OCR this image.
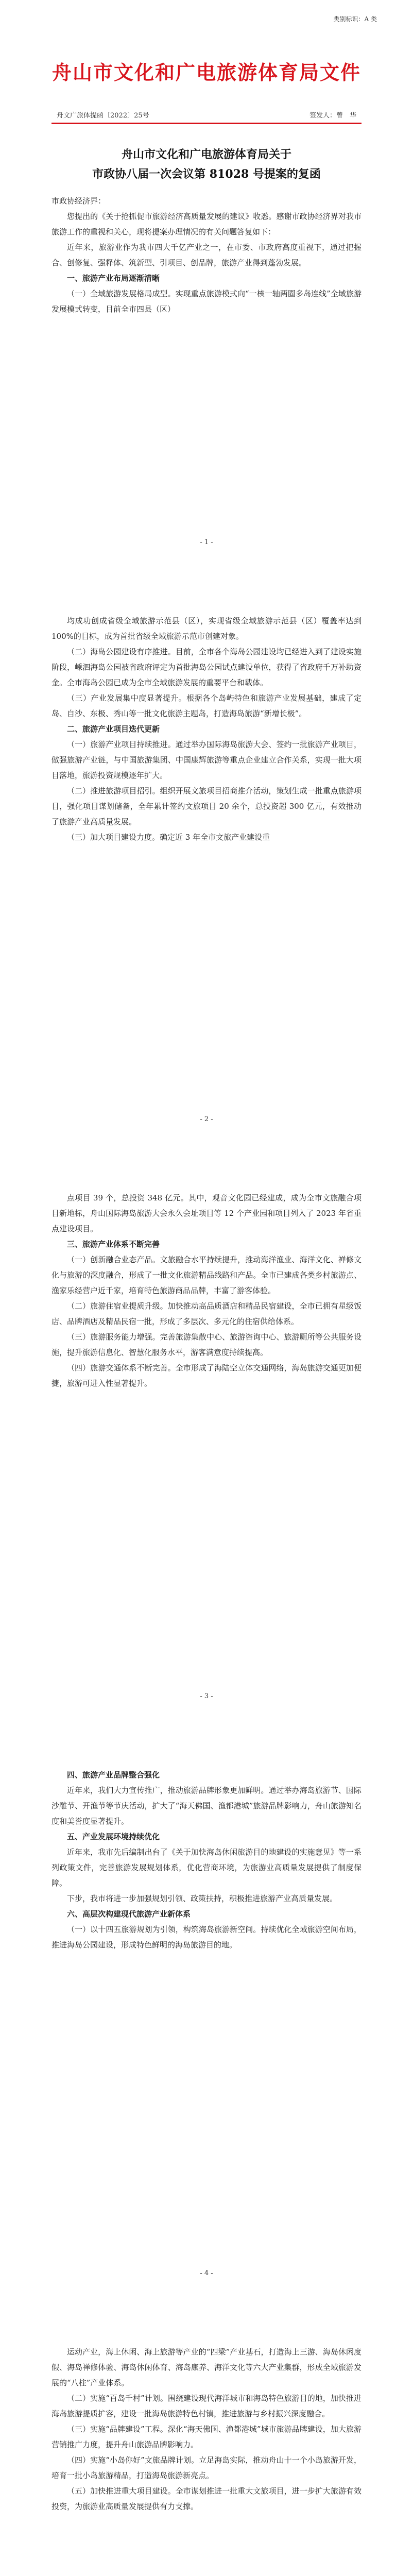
类别标识：A 类
舟山市文化和广电旅游体育局文件
舟文广旅体提函〔2022〕25号	签发人：曾　华
舟山市文化和广电旅游体育局关于
市政协八届一次会议第 81028 号提案的复函

市政协经济界：

您提出的《关于抢抓促市旅游经济高质量发展的建议》收悉。感谢市政协经济界对我市旅游工作的重视和关心，现将提案办理情况的有关问题答复如下：

近年来，旅游业作为我市四大千亿产业之一，在市委、市政府高度重视下，通过把握合、创修复、强释体、筑新型、引项目、创品牌，旅游产业得到蓬勃发展。

一、旅游产业布局逐渐清晰

（一）全域旅游发展格局成型。实现重点旅游模式向“一核一轴两圈多岛连线”全域旅游发展模式转变，目前全市四县（区）

- 1 -

均成功创成省级全域旅游示范县（区），实现省级全域旅游示范县（区）覆盖率达到 100%的目标，成为首批省级全域旅游示范市创建对象。

（二）海岛公园建设有序推进。目前，全市各个海岛公园建设均已经进入到了建设实施阶段，嵊泗海岛公园被省政府评定为首批海岛公园试点建设单位，获得了省政府千万补助资金。全市海岛公园已成为全市全域旅游发展的重要平台和载体。

（三）产业发展集中度显著提升。根据各个岛屿特色和旅游产业发展基础，建成了定岛、自沙、东极、秀山等一批文化旅游主题岛，打造海岛旅游“新增长极”。

二、旅游产业项目迭代更新

（一）旅游产业项目持续推进。通过举办国际海岛旅游大会、签约一批旅游产业项目，做强旅游产业链，与中国旅游集团、中国康辉旅游等重点企业建立合作关系，实现一批大项目落地，旅游投资规模逐年扩大。

（二）推进旅游项目招引。组织开展文旅项目招商推介活动，策划生成一批重点旅游项目，强化项目谋划储备，全年累计签约文旅项目 20 余个，总投资超 300 亿元，有效推动了旅游产业高质量发展。

（三）加大项目建设力度。确定近 3 年全市文旅产业建设重

- 2 -

点项目 39 个，总投资 348 亿元。其中，观音文化园已经建成，成为全市文旅融合项目新地标，舟山国际海岛旅游大会永久会址项目等 12 个产业园和项目列入了 2023 年省重点建设项目。

三、旅游产业体系不断完善

（一）创新融合业态产品。文旅融合水平持续提升，推动海洋渔业、海洋文化、禅修文化与旅游的深度融合，形成了一批文化旅游精品线路和产品。全市已建成各类乡村旅游点、渔家乐经营户近千家，培育特色旅游商品品牌，丰富了游客体验。

（二）旅游住宿业提质升级。加快推动高品质酒店和精品民宿建设，全市已拥有星级饭店、品牌酒店及精品民宿一批，形成了多层次、多元化的住宿供给体系。

（三）旅游服务能力增强。完善旅游集散中心、旅游咨询中心、旅游厕所等公共服务设施，提升旅游信息化、智慧化服务水平，游客满意度持续提高。

（四）旅游交通体系不断完善。全市形成了海陆空立体交通网络，海岛旅游交通更加便捷，旅游可进入性显著提升。

- 3 -

四、旅游产业品牌整合强化

近年来，我们大力宣传推广，推动旅游品牌形象更加鲜明。通过举办海岛旅游节、国际沙雕节、开渔节等节庆活动，扩大了“海天佛国、渔都港城”旅游品牌影响力，舟山旅游知名度和美誉度显著提升。

五、产业发展环境持续优化

近年来，我市先后编制出台了《关于加快海岛休闲旅游目的地建设的实施意见》等一系列政策文件，完善旅游发展规划体系，优化营商环境，为旅游业高质量发展提供了制度保障。

下步，我市将进一步加强规划引领、政策扶持，积极推进旅游产业高质量发展。

六、高层次构建现代旅游产业新体系

（一）以十四五旅游规划为引领，构筑海岛旅游新空间。持续优化全域旅游空间布局，推进海岛公园建设，形成特色鲜明的海岛旅游目的地。

- 4 -

运动产业，海上休闲、海上旅游等产业的“四梁”产业基石，打造海上三游、海岛休闲度假、海岛禅修体验、海岛休闲体育、海岛康养、海洋文化等六大产业集群，形成全域旅游发展的“八柱”产业体系。

（二）实施“百岛千村”计划。围绕建设现代海洋城市和海岛特色旅游目的地，加快推进海岛旅游提质扩容，建设一批海岛旅游特色村镇，推进旅游与乡村振兴深度融合。

（三）实施“品牌建设”工程。深化“海天佛国、渔都港城”城市旅游品牌建设，加大旅游营销推广力度，提升舟山旅游品牌影响力。

（四）实施“小岛你好”文旅品牌计划。立足海岛实际，推动舟山十一个小岛旅游开发，培育一批小岛旅游精品，打造海岛旅游新亮点。

（五）加快推进重大项目建设。全市谋划推进一批重大文旅项目，进一步扩大旅游有效投资，为旅游业高质量发展提供有力支撑。
